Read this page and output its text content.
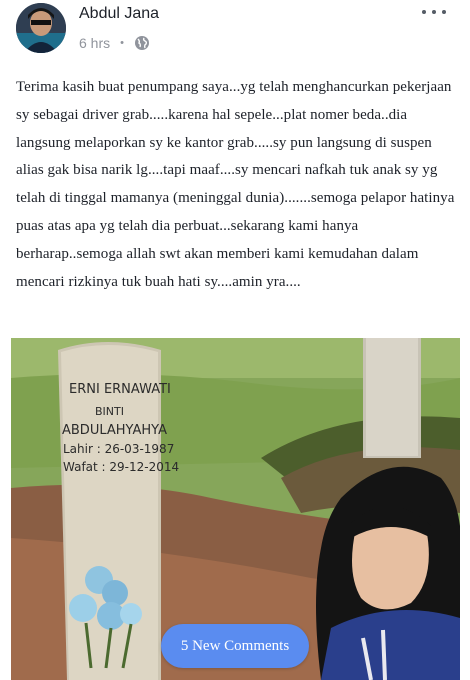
Abdul Jana
6 hrs •
Terima kasih buat penumpang saya...yg telah menghancurkan pekerjaan sy sebagai driver grab.....karena hal sepele...plat nomer beda..dia langsung melaporkan sy ke kantor grab.....sy pun langsung di suspen alias gak bisa narik lg....tapi maaf....sy mencari nafkah tuk anak sy yg telah di tinggal mamanya (meninggal dunia).......semoga pelapor hatinya puas atas apa yg telah dia perbuat...sekarang kami hanya berharap..semoga allah swt akan memberi kami kemudahan dalam mencari rizkinya tuk buah hati sy....amin yra....
ERNI ERNAWATI
BINTI
ABDULAHYAHYA
Lahir : 26-03-1987
Wafat : 29-12-2014
5 New Comments
